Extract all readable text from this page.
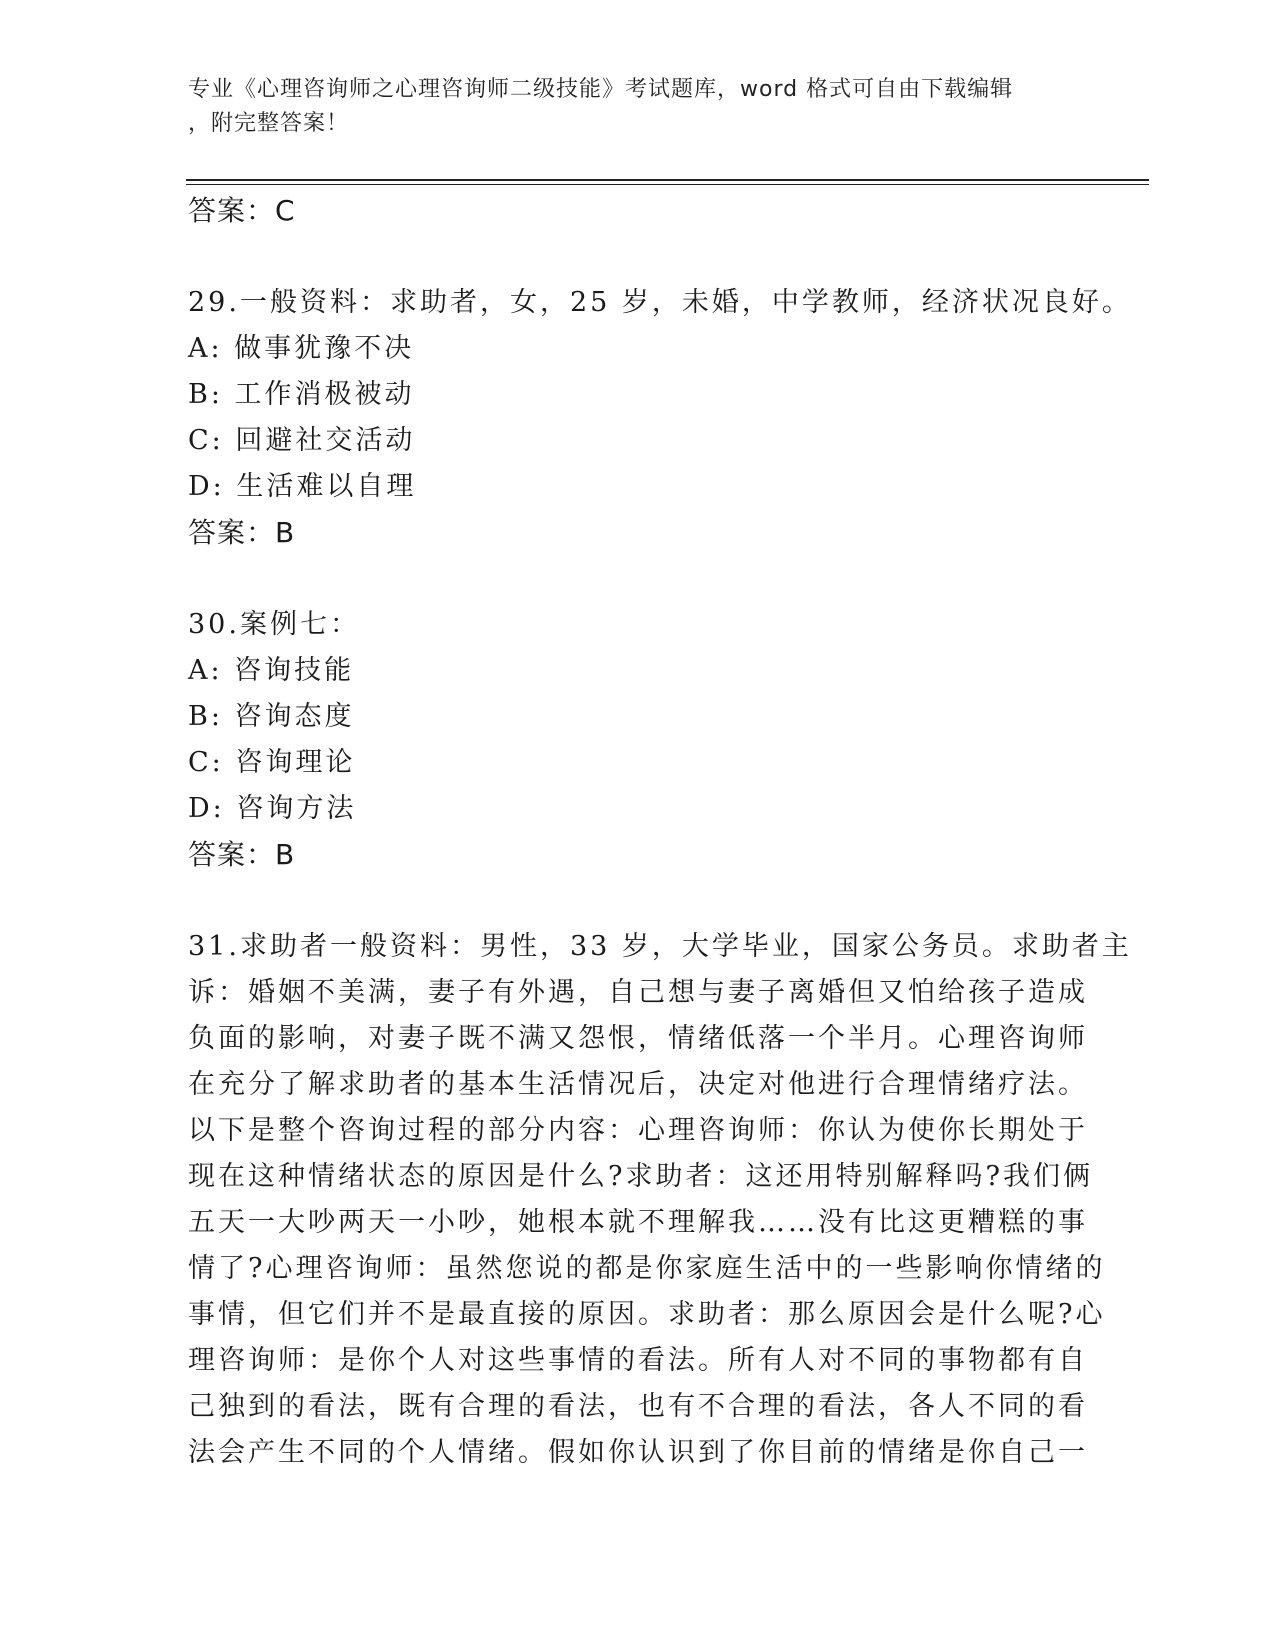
专业《心理咨询师之心理咨询师二级技能》考试题库，word 格式可自由下载编辑
，附完整答案！
答案：C
29.一般资料：求助者，女，25 岁，未婚，中学教师，经济状况良好。
A: 做事犹豫不决
B: 工作消极被动
C: 回避社交活动
D: 生活难以自理
答案：B
30.案例七：
A: 咨询技能
B: 咨询态度
C: 咨询理论
D: 咨询方法
答案：B
31.求助者一般资料：男性，33 岁，大学毕业，国家公务员。求助者主
诉：婚姻不美满，妻子有外遇，自己想与妻子离婚但又怕给孩子造成
负面的影响，对妻子既不满又怨恨，情绪低落一个半月。心理咨询师
在充分了解求助者的基本生活情况后，决定对他进行合理情绪疗法。
以下是整个咨询过程的部分内容：心理咨询师：你认为使你长期处于
现在这种情绪状态的原因是什么?求助者：这还用特别解释吗?我们俩
五天一大吵两天一小吵，她根本就不理解我……没有比这更糟糕的事
情了?心理咨询师：虽然您说的都是你家庭生活中的一些影响你情绪的
事情，但它们并不是最直接的原因。求助者：那么原因会是什么呢?心
理咨询师：是你个人对这些事情的看法。所有人对不同的事物都有自
己独到的看法，既有合理的看法，也有不合理的看法，各人不同的看
法会产生不同的个人情绪。假如你认识到了你目前的情绪是你自己一
